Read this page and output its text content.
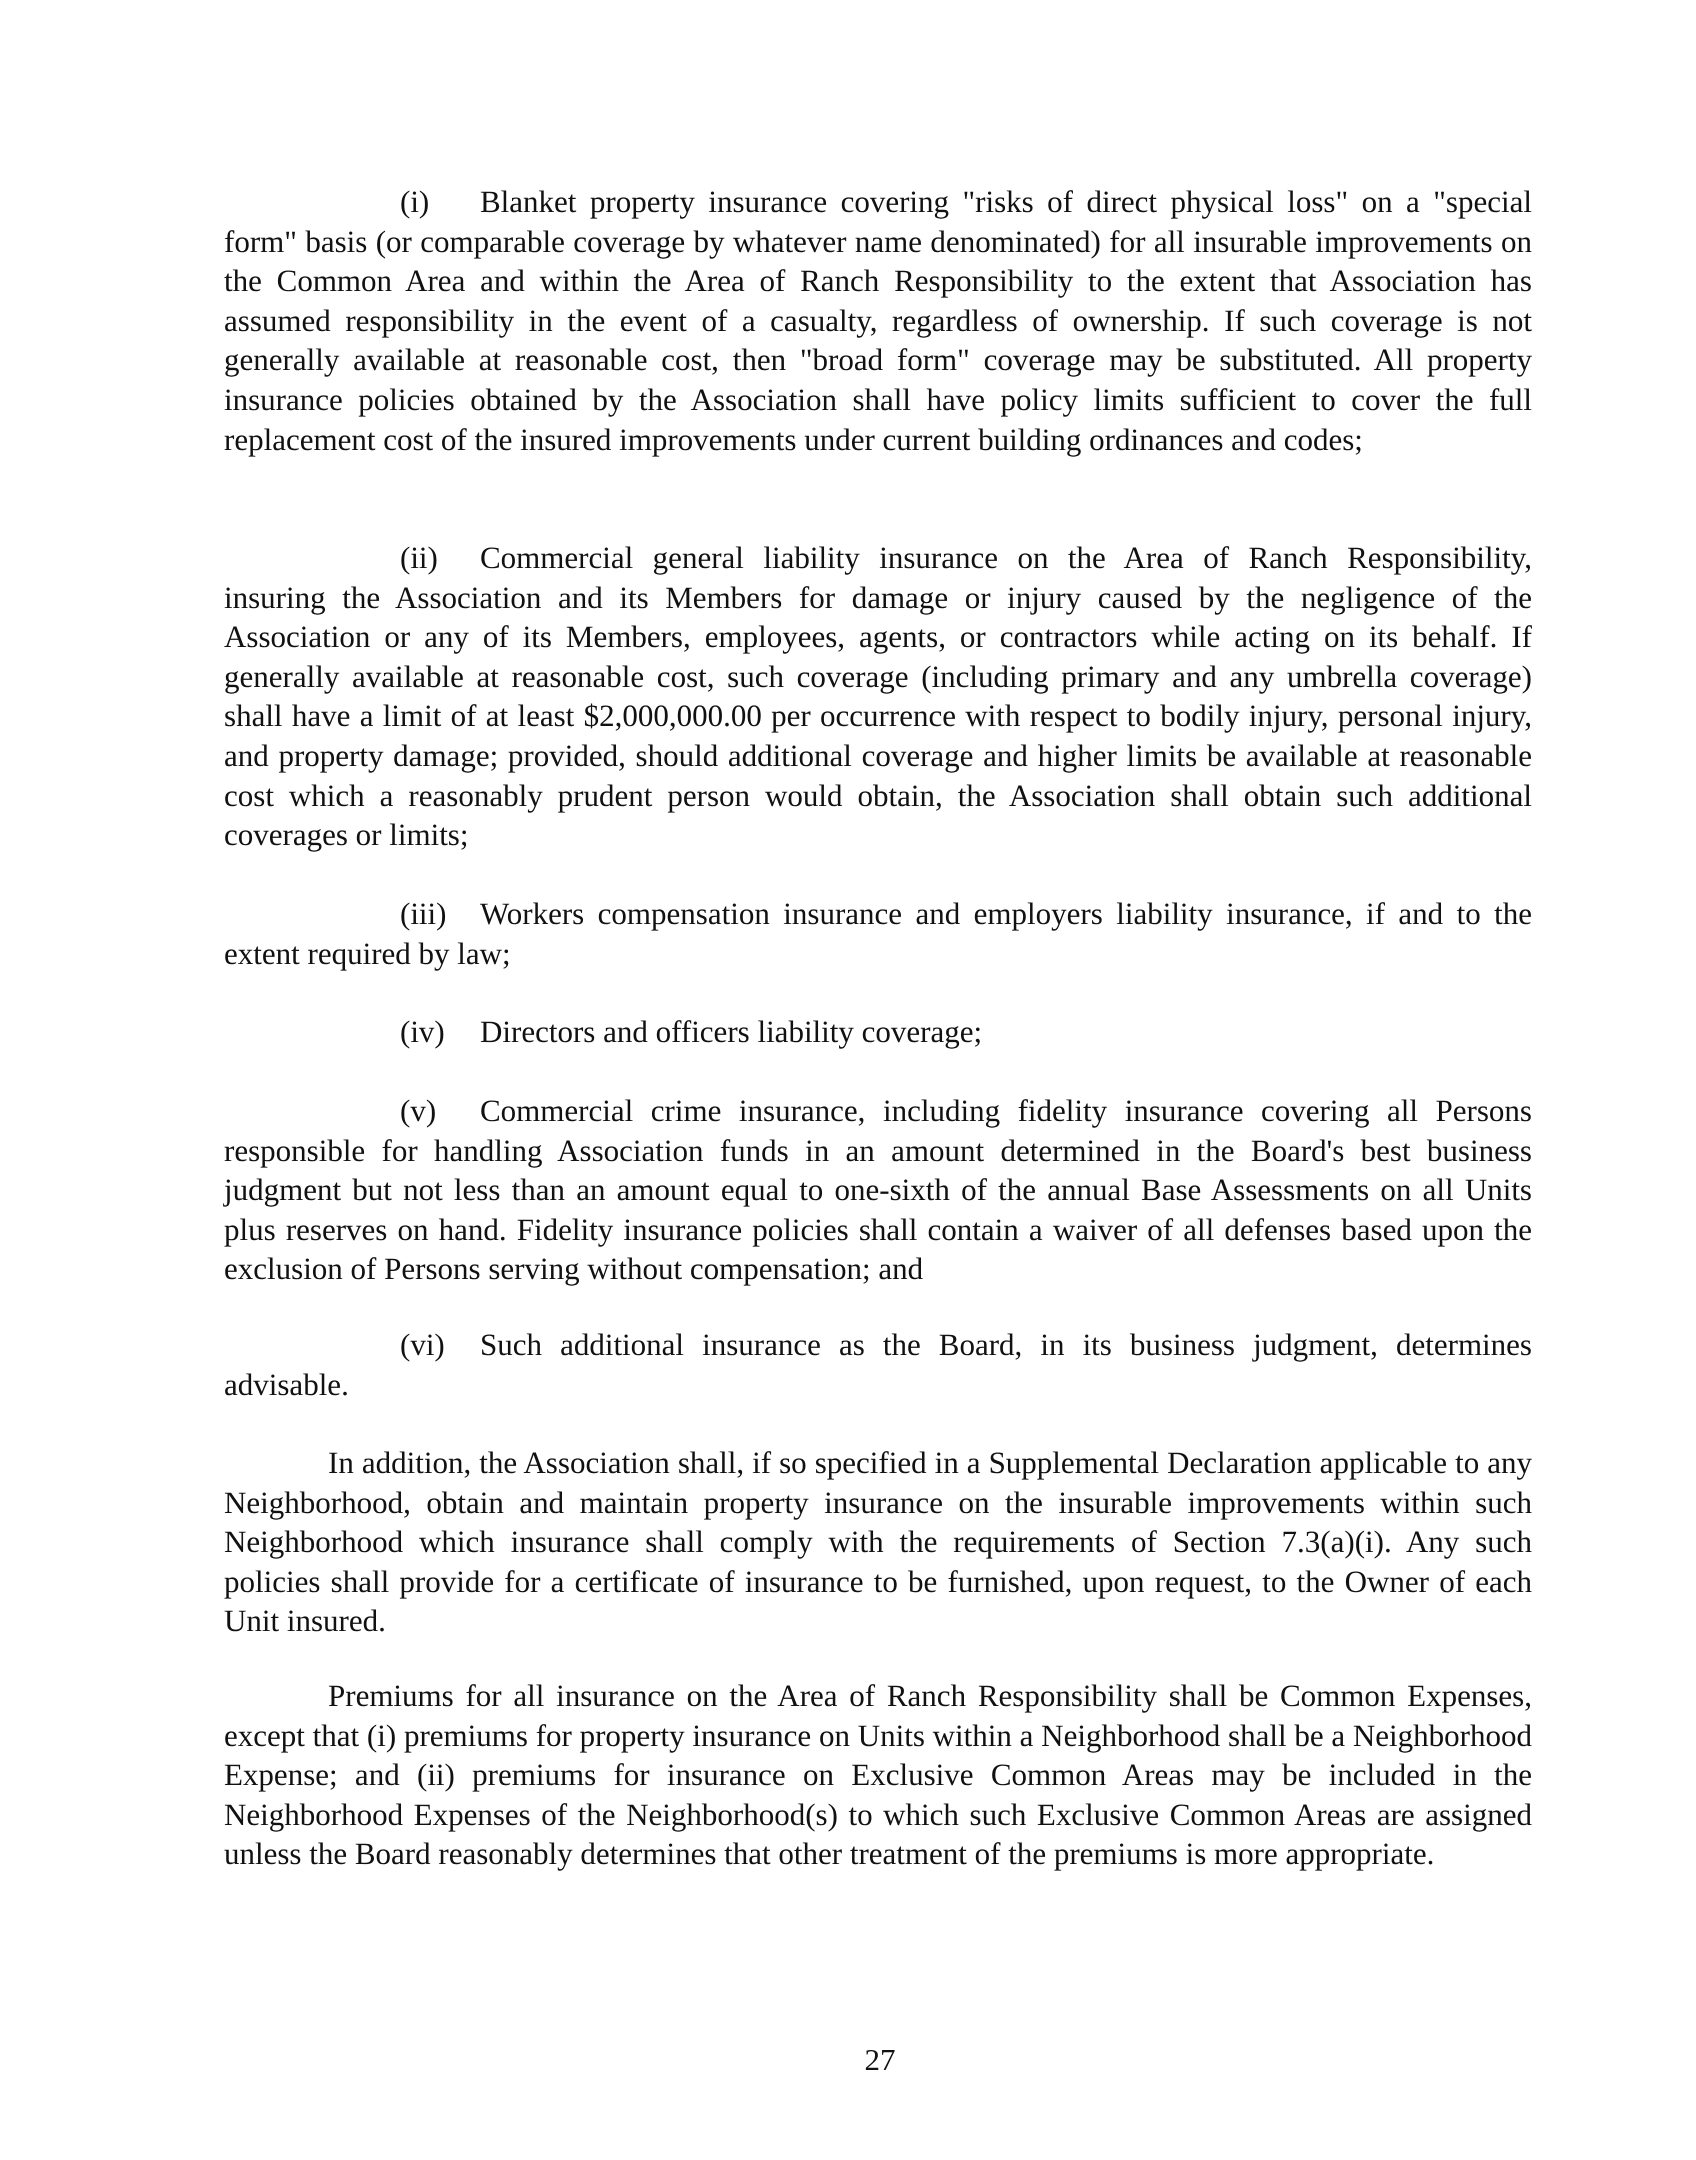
(i) Blanket property insurance covering "risks of direct physical loss" on a "special form" basis (or comparable coverage by whatever name denominated) for all insurable improvements on the Common Area and within the Area of Ranch Responsibility to the extent that Association has assumed responsibility in the event of a casualty, regardless of ownership. If such coverage is not generally available at reasonable cost, then "broad form" coverage may be substituted. All property insurance policies obtained by the Association shall have policy limits sufficient to cover the full replacement cost of the insured improvements under current building ordinances and codes;
(ii) Commercial general liability insurance on the Area of Ranch Responsibility, insuring the Association and its Members for damage or injury caused by the negligence of the Association or any of its Members, employees, agents, or contractors while acting on its behalf. If generally available at reasonable cost, such coverage (including primary and any umbrella coverage) shall have a limit of at least $2,000,000.00 per occurrence with respect to bodily injury, personal injury, and property damage; provided, should additional coverage and higher limits be available at reasonable cost which a reasonably prudent person would obtain, the Association shall obtain such additional coverages or limits;
(iii) Workers compensation insurance and employers liability insurance, if and to the extent required by law;
(iv) Directors and officers liability coverage;
(v) Commercial crime insurance, including fidelity insurance covering all Persons responsible for handling Association funds in an amount determined in the Board's best business judgment but not less than an amount equal to one-sixth of the annual Base Assessments on all Units plus reserves on hand. Fidelity insurance policies shall contain a waiver of all defenses based upon the exclusion of Persons serving without compensation; and
(vi) Such additional insurance as the Board, in its business judgment, determines advisable.
In addition, the Association shall, if so specified in a Supplemental Declaration applicable to any Neighborhood, obtain and maintain property insurance on the insurable improvements within such Neighborhood which insurance shall comply with the requirements of Section 7.3(a)(i). Any such policies shall provide for a certificate of insurance to be furnished, upon request, to the Owner of each Unit insured.
Premiums for all insurance on the Area of Ranch Responsibility shall be Common Expenses, except that (i) premiums for property insurance on Units within a Neighborhood shall be a Neighborhood Expense; and (ii) premiums for insurance on Exclusive Common Areas may be included in the Neighborhood Expenses of the Neighborhood(s) to which such Exclusive Common Areas are assigned unless the Board reasonably determines that other treatment of the premiums is more appropriate.
27
